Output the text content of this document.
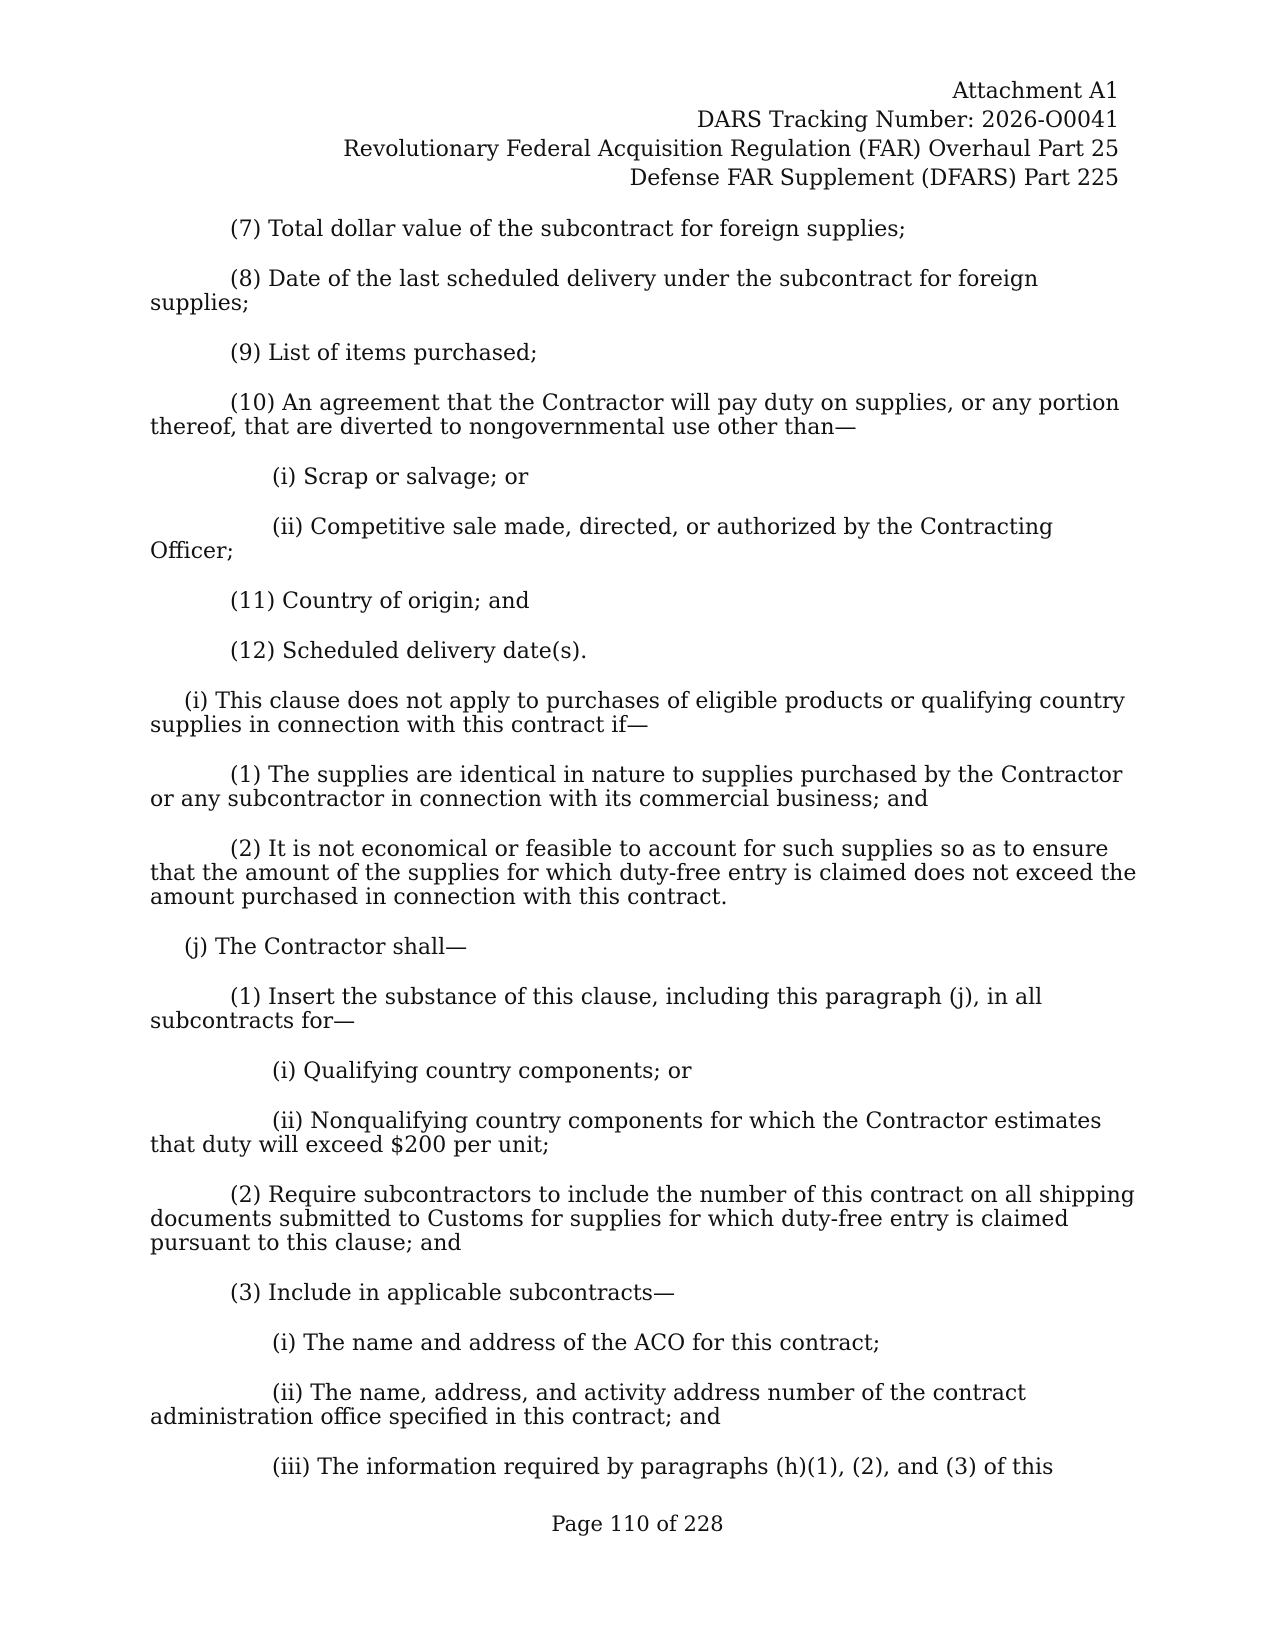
Attachment A1
DARS Tracking Number: 2026-O0041
Revolutionary Federal Acquisition Regulation (FAR) Overhaul Part 25
Defense FAR Supplement (DFARS) Part 225

(7) Total dollar value of the subcontract for foreign supplies;

(8) Date of the last scheduled delivery under the subcontract for foreign
supplies;

(9) List of items purchased;

(10) An agreement that the Contractor will pay duty on supplies, or any portion
thereof, that are diverted to nongovernmental use other than—

(i) Scrap or salvage; or

(ii) Competitive sale made, directed, or authorized by the Contracting
Officer;

(11) Country of origin; and

(12) Scheduled delivery date(s).

(i) This clause does not apply to purchases of eligible products or qualifying country
supplies in connection with this contract if—

(1) The supplies are identical in nature to supplies purchased by the Contractor
or any subcontractor in connection with its commercial business; and

(2) It is not economical or feasible to account for such supplies so as to ensure
that the amount of the supplies for which duty-free entry is claimed does not exceed the
amount purchased in connection with this contract.

(j) The Contractor shall—

(1) Insert the substance of this clause, including this paragraph (j), in all
subcontracts for—

(i) Qualifying country components; or

(ii) Nonqualifying country components for which the Contractor estimates
that duty will exceed $200 per unit;

(2) Require subcontractors to include the number of this contract on all shipping
documents submitted to Customs for supplies for which duty-free entry is claimed
pursuant to this clause; and

(3) Include in applicable subcontracts—

(i) The name and address of the ACO for this contract;

(ii) The name, address, and activity address number of the contract
administration office specified in this contract; and

(iii) The information required by paragraphs (h)(1), (2), and (3) of this

Page 110 of 228
